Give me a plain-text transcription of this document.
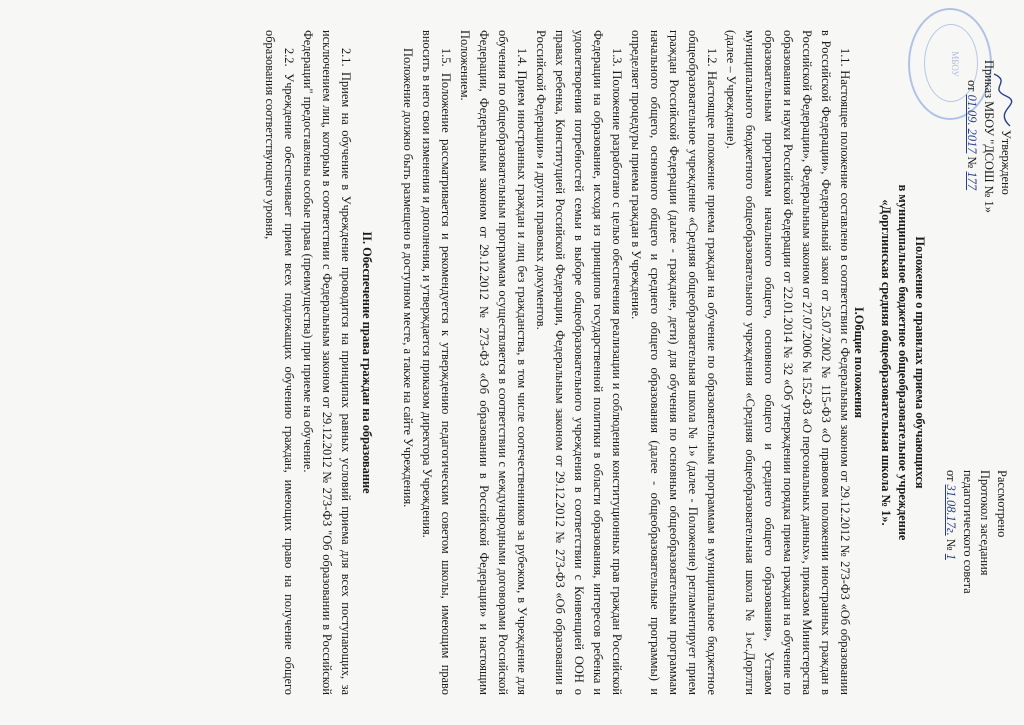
МБОУ
Утверждено
Приказ МБОУ "ДСОШ № 1»
от 01.09. 2017 № 177
Рассмотрено
Протокол заседания
педагогического совета
от 31.08.17г. № 1
Положение о правилах приема обучающихся
в муниципальное бюджетное общеобразовательное учреждение
«Дорглинская средняя общеобразовательная школа № 1».
I.Общие положения

1.1. Настоящее положение составлено в соответствии с Федеральным законом от 29.12.2012 № 273-ФЗ «Об образовании в Российской Федерации», Федеральный закон от 25.07.2002 № 115-ФЗ «О правовом положении иностранных граждан в Российской Федерации», Федеральным законом от 27.07.2006 № 152-ФЗ «О персональных данных», приказом Министерства образования и науки Российской Федерации от 22.01.2014 № 32 «Об утверждении порядка приема граждан на обучение по образовательным программам начального общего, основного общего и среднего общего образования», Уставом муниципального бюджетного общеобразовательного учреждения «Средняя общеобразовательная школа № 1»с.Дорглги (далее – Учреждение).

1.2. Настоящее положение приема граждан на обучение по образовательным программам в муниципальное бюджетное общеобразовательное учреждение «Средняя общеобразовательная школа № 1» (далее - Положение) регламентирует прием граждан Российской Федерации (далее - граждане, дети) для обучения по основным общеобразовательным программам начального общего, основного общего и среднего общего образования (далее - общеобразовательные программы) и определяет процедуры приема граждан в Учреждение.

1.3. Положение разработано с целью обеспечения реализации и соблюдения конституционных прав граждан Российской Федерации на образование, исходя из принципов государственной политики в области образования, интересов ребенка и удовлетворения потребностей семьи в выборе общеобразовательного учреждения в соответствии с Конвенцией ООН о правах ребенка, Конституцией Российской Федерации, Федеральным законом от 29.12.2012 № 273-ФЗ «Об образовании в Российской Федерации» и других правовых документов.

1.4. Прием иностранных граждан и лиц без гражданства, в том числе соотечественников за рубежом, в Учреждение для обучения по общеобразовательным программам осуществляется в соответствии с международными договорами Российской Федерации, Федеральным законом от 29.12.2012 № 273-ФЗ «Об образовании в Российской Федерации» и настоящим Положением.

1.5. Положение рассматривается и рекомендуется к утверждению педагогическим советом школы, имеющим право вносить в него свои изменения и дополнения, и утверждается приказом директора Учреждения.

Положение должно быть размещено в доступном месте, а также на сайте Учреждения.

II. Обеспечение права граждан на образование

2.1. Прием на обучение в Учреждение проводится на принципах равных условий приема для всех поступающих, за исключением лиц, которым в соответствии с Федеральным законом от 29.12.2012 № 273-ФЗ "Об образовании в Российской Федерации" предоставлены особые права (преимущества) при приеме на обучение.

2.2. Учреждение обеспечивает прием всех подлежащих обучению граждан, имеющих право на получение общего образования соответствующего уровня,
